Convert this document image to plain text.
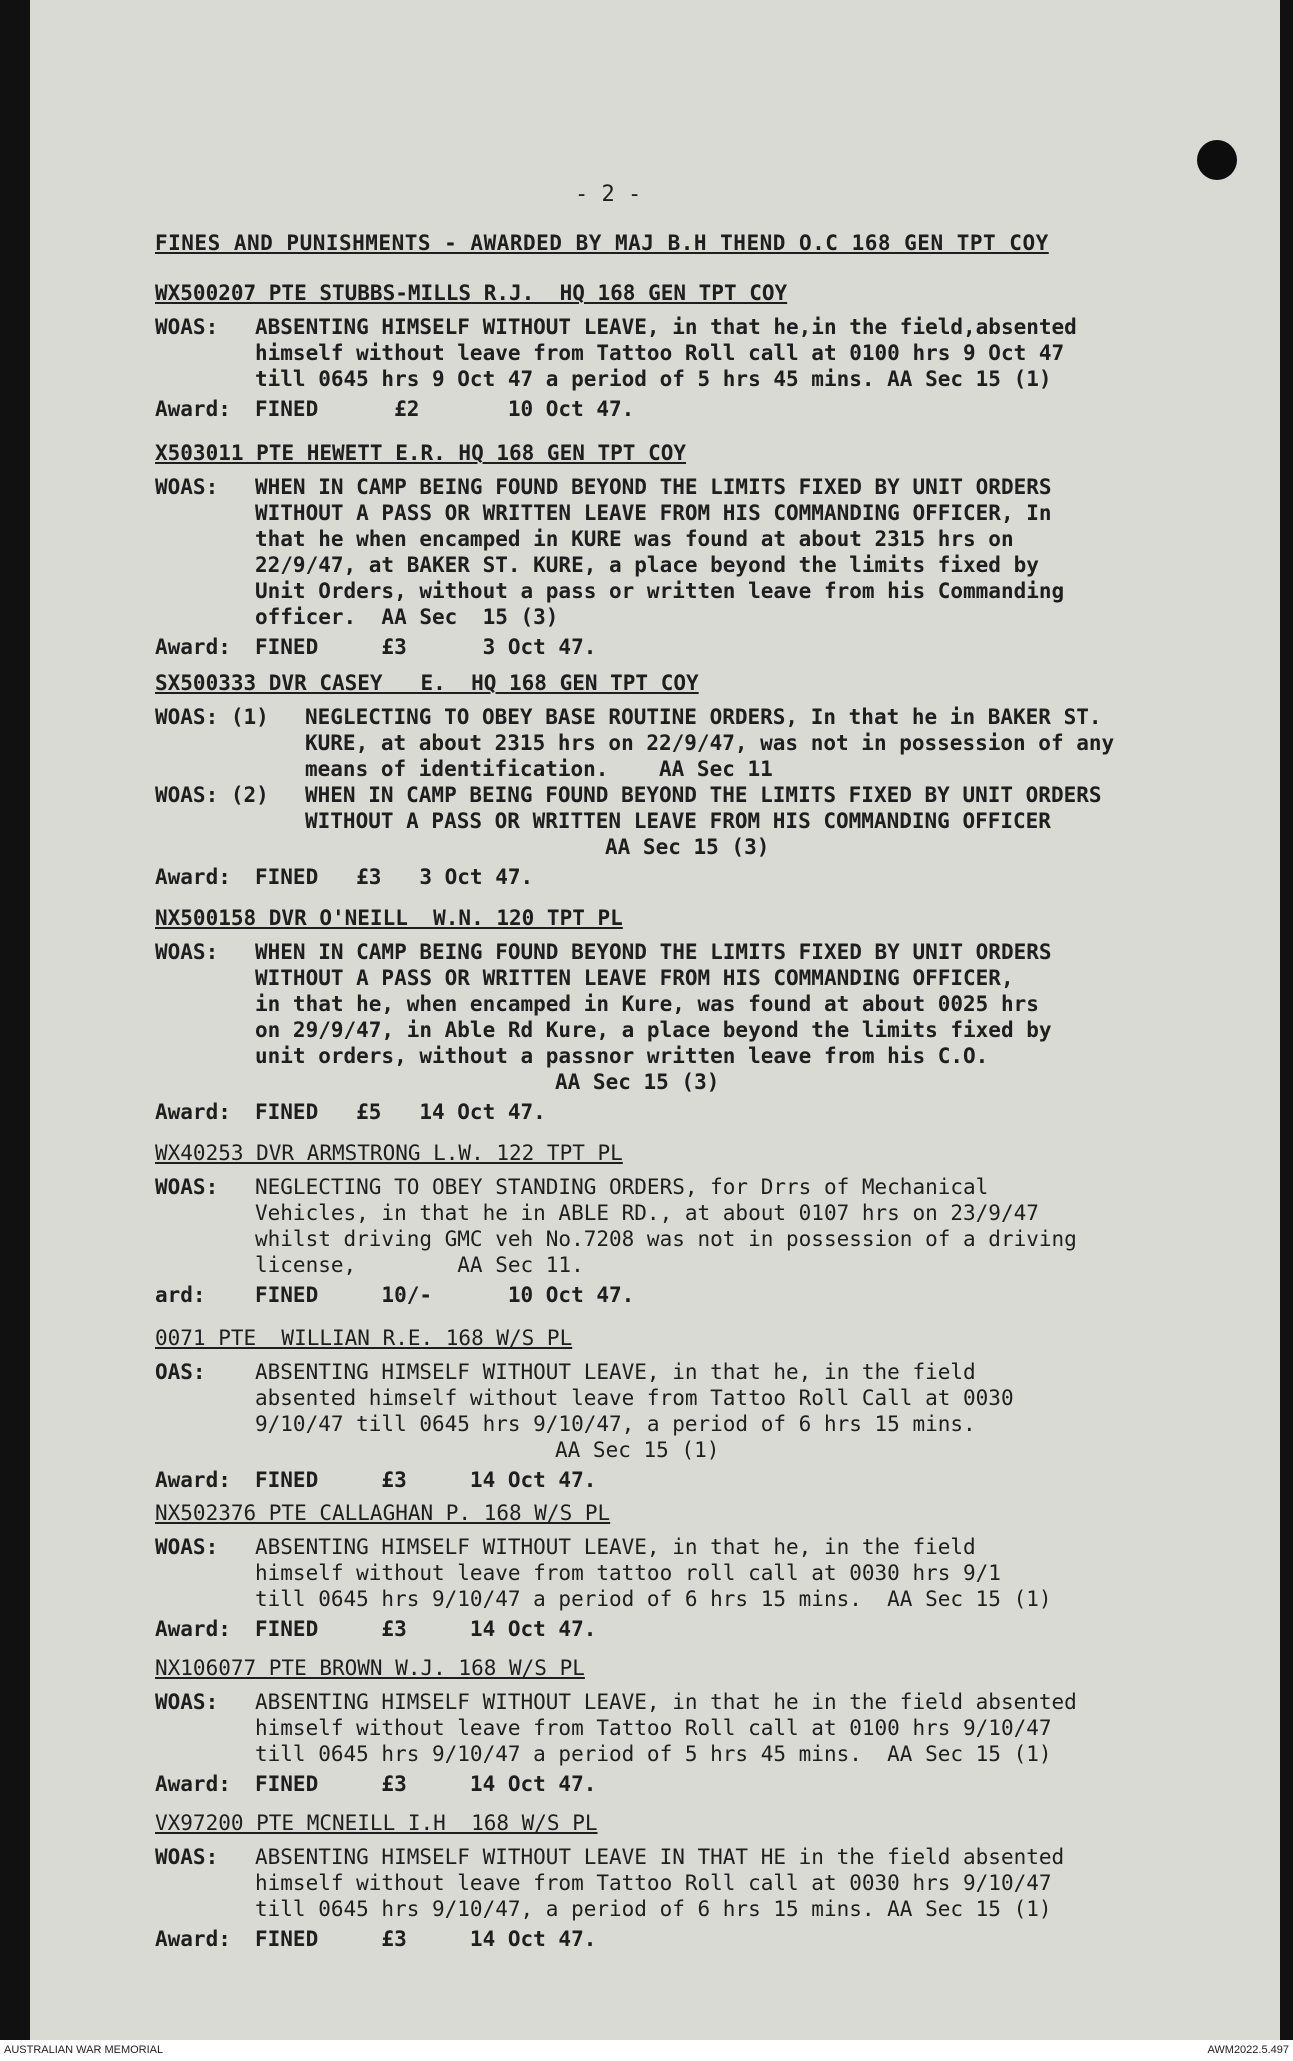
- 2 -
FINES AND PUNISHMENTS - AWARDED BY MAJ B.H THEND O.C 168 GEN TPT COY
WX500207 PTE STUBBS-MILLS R.J.  HQ 168 GEN TPT COY
WOAS:	ABSENTING HIMSELF WITHOUT LEAVE, in that he,in the field,absented
himself without leave from Tattoo Roll call at 0100 hrs 9 Oct 47
till 0645 hrs 9 Oct 47 a period of 5 hrs 45 mins. AA Sec 15 (1)
Award:	FINED      £2       10 Oct 47.
X503011 PTE HEWETT E.R. HQ 168 GEN TPT COY
WOAS:	WHEN IN CAMP BEING FOUND BEYOND THE LIMITS FIXED BY UNIT ORDERS
WITHOUT A PASS OR WRITTEN LEAVE FROM HIS COMMANDING OFFICER, In
that he when encamped in KURE was found at about 2315 hrs on
22/9/47, at BAKER ST. KURE, a place beyond the limits fixed by
Unit Orders, without a pass or written leave from his Commanding
officer.  AA Sec  15 (3)
Award:	FINED     £3      3 Oct 47.
SX500333 DVR CASEY   E.  HQ 168 GEN TPT COY
WOAS: (1)	NEGLECTING TO OBEY BASE ROUTINE ORDERS, In that he in BAKER ST.
KURE, at about 2315 hrs on 22/9/47, was not in possession of any
means of identification.    AA Sec 11
WOAS: (2)	WHEN IN CAMP BEING FOUND BEYOND THE LIMITS FIXED BY UNIT ORDERS
WITHOUT A PASS OR WRITTEN LEAVE FROM HIS COMMANDING OFFICER
AA Sec 15 (3)
Award:	FINED   £3   3 Oct 47.
NX500158 DVR O'NEILL  W.N. 120 TPT PL
WOAS:	WHEN IN CAMP BEING FOUND BEYOND THE LIMITS FIXED BY UNIT ORDERS
WITHOUT A PASS OR WRITTEN LEAVE FROM HIS COMMANDING OFFICER,
in that he, when encamped in Kure, was found at about 0025 hrs
on 29/9/47, in Able Rd Kure, a place beyond the limits fixed by
unit orders, without a passnor written leave from his C.O.
AA Sec 15 (3)
Award:	FINED   £5   14 Oct 47.
WX40253 DVR ARMSTRONG L.W. 122 TPT PL
WOAS:	NEGLECTING TO OBEY STANDING ORDERS, for Drrs of Mechanical
Vehicles, in that he in ABLE RD., at about 0107 hrs on 23/9/47
whilst driving GMC veh No.7208 was not in possession of a driving
license,        AA Sec 11.
ard:	FINED     10/-      10 Oct 47.
0071 PTE  WILLIAN R.E. 168 W/S PL
OAS:	ABSENTING HIMSELF WITHOUT LEAVE, in that he, in the field
absented himself without leave from Tattoo Roll Call at 0030
9/10/47 till 0645 hrs 9/10/47, a period of 6 hrs 15 mins.
AA Sec 15 (1)
Award:	FINED     £3     14 Oct 47.
NX502376 PTE CALLAGHAN P. 168 W/S PL
WOAS:	ABSENTING HIMSELF WITHOUT LEAVE, in that he, in the field
himself without leave from tattoo roll call at 0030 hrs 9/1
till 0645 hrs 9/10/47 a period of 6 hrs 15 mins.  AA Sec 15 (1)
Award:	FINED     £3     14 Oct 47.
NX106077 PTE BROWN W.J. 168 W/S PL
WOAS:	ABSENTING HIMSELF WITHOUT LEAVE, in that he in the field absented
himself without leave from Tattoo Roll call at 0100 hrs 9/10/47
till 0645 hrs 9/10/47 a period of 5 hrs 45 mins.  AA Sec 15 (1)
Award:	FINED     £3     14 Oct 47.
VX97200 PTE MCNEILL I.H  168 W/S PL
WOAS:	ABSENTING HIMSELF WITHOUT LEAVE IN THAT HE in the field absented
himself without leave from Tattoo Roll call at 0030 hrs 9/10/47
till 0645 hrs 9/10/47, a period of 6 hrs 15 mins. AA Sec 15 (1)
Award:	FINED     £3     14 Oct 47.
AUSTRALIAN WAR MEMORIAL	AWM2022.5.497
